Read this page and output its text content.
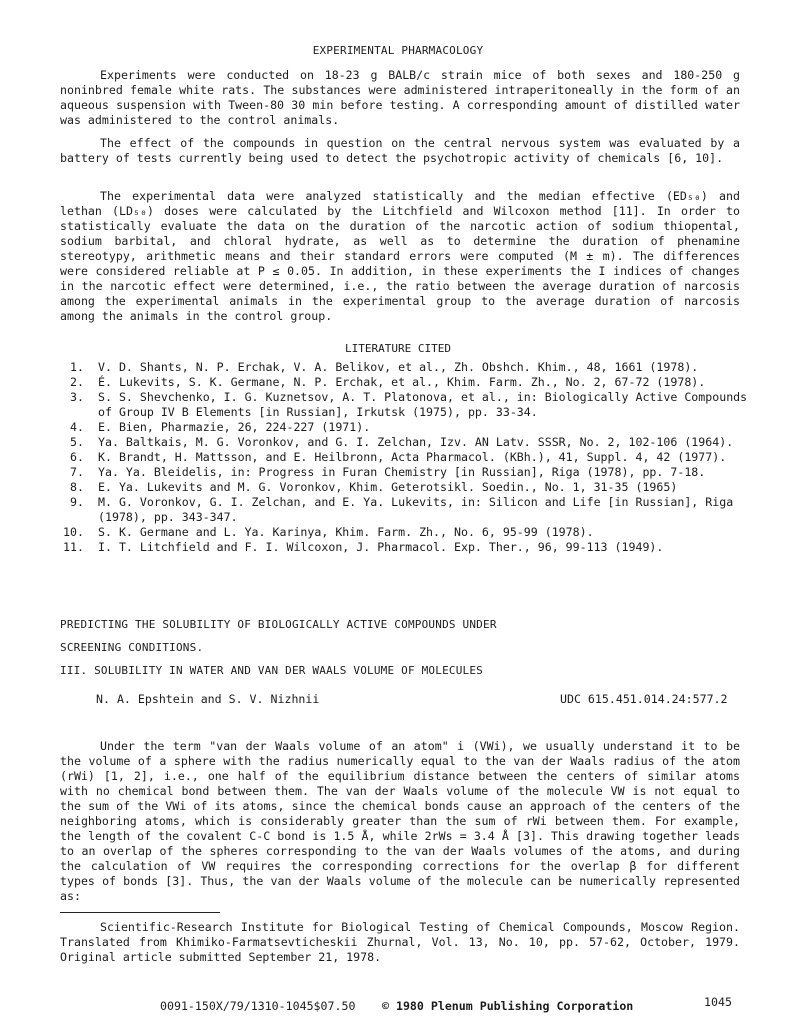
EXPERIMENTAL PHARMACOLOGY

Experiments were conducted on 18-23 g BALB/c strain mice of both sexes and 180-250 g noninbred female white rats. The substances were administered intraperitoneally in the form of an aqueous suspension with Tween-80 30 min before testing. A corresponding amount of distilled water was administered to the control animals.

The effect of the compounds in question on the central nervous system was evaluated by a battery of tests currently being used to detect the psychotropic activity of chemicals [6, 10].

The experimental data were analyzed statistically and the median effective (ED₅₀) and lethan (LD₅₀) doses were calculated by the Litchfield and Wilcoxon method [11]. In order to statistically evaluate the data on the duration of the narcotic action of sodium thiopental, sodium barbital, and chloral hydrate, as well as to determine the duration of phenamine stereotypy, arithmetic means and their standard errors were computed (M ± m). The differences were considered reliable at P ≤ 0.05. In addition, in these experiments the I indices of changes in the narcotic effect were determined, i.e., the ratio between the average duration of narcosis among the experimental animals in the experimental group to the average duration of narcosis among the animals in the control group.

LITERATURE CITED
1. V. D. Shants, N. P. Erchak, V. A. Belikov, et al., Zh. Obshch. Khim., 48, 1661 (1978).
2. É. Lukevits, S. K. Germane, N. P. Erchak, et al., Khim. Farm. Zh., No. 2, 67-72 (1978).
3. S. S. Shevchenko, I. G. Kuznetsov, A. T. Platonova, et al., in: Biologically Active Compounds of Group IV B Elements [in Russian], Irkutsk (1975), pp. 33-34.
4. E. Bien, Pharmazie, 26, 224-227 (1971).
5. Ya. Baltkais, M. G. Voronkov, and G. I. Zelchan, Izv. AN Latv. SSSR, No. 2, 102-106 (1964).
6. K. Brandt, H. Mattsson, and E. Heilbronn, Acta Pharmacol. (KBh.), 41, Suppl. 4, 42 (1977).
7. Ya. Ya. Bleidelis, in: Progress in Furan Chemistry [in Russian], Riga (1978), pp. 7-18.
8. E. Ya. Lukevits and M. G. Voronkov, Khim. Geterotsikl. Soedin., No. 1, 31-35 (1965)
9. M. G. Voronkov, G. I. Zelchan, and E. Ya. Lukevits, in: Silicon and Life [in Russian], Riga (1978), pp. 343-347.
10. S. K. Germane and L. Ya. Karinya, Khim. Farm. Zh., No. 6, 95-99 (1978).
11. I. T. Litchfield and F. I. Wilcoxon, J. Pharmacol. Exp. Ther., 96, 99-113 (1949).
PREDICTING THE SOLUBILITY OF BIOLOGICALLY ACTIVE COMPOUNDS UNDER
SCREENING CONDITIONS.
III. SOLUBILITY IN WATER AND VAN DER WAALS VOLUME OF MOLECULES
N. A. Epshtein and S. V. Nizhnii	UDC 615.451.014.24:577.2

Under the term "van der Waals volume of an atom" i (VWi), we usually understand it to be the volume of a sphere with the radius numerically equal to the van der Waals radius of the atom (rWi) [1, 2], i.e., one half of the equilibrium distance between the centers of similar atoms with no chemical bond between them. The van der Waals volume of the molecule VW is not equal to the sum of the VWi of its atoms, since the chemical bonds cause an approach of the centers of the neighboring atoms, which is considerably greater than the sum of rWi between them. For example, the length of the covalent C-C bond is 1.5 Å, while 2rWs = 3.4 Å [3]. This drawing together leads to an overlap of the spheres corresponding to the van der Waals volumes of the atoms, and during the calculation of VW requires the corresponding corrections for the overlap β for different types of bonds [3]. Thus, the van der Waals volume of the molecule can be numerically represented as:

Scientific-Research Institute for Biological Testing of Chemical Compounds, Moscow Region. Translated from Khimiko-Farmatsevticheskii Zhurnal, Vol. 13, No. 10, pp. 57-62, October, 1979. Original article submitted September 21, 1978.

0091-150X/79/1310-1045$07.50 © 1980 Plenum Publishing Corporation	1045
